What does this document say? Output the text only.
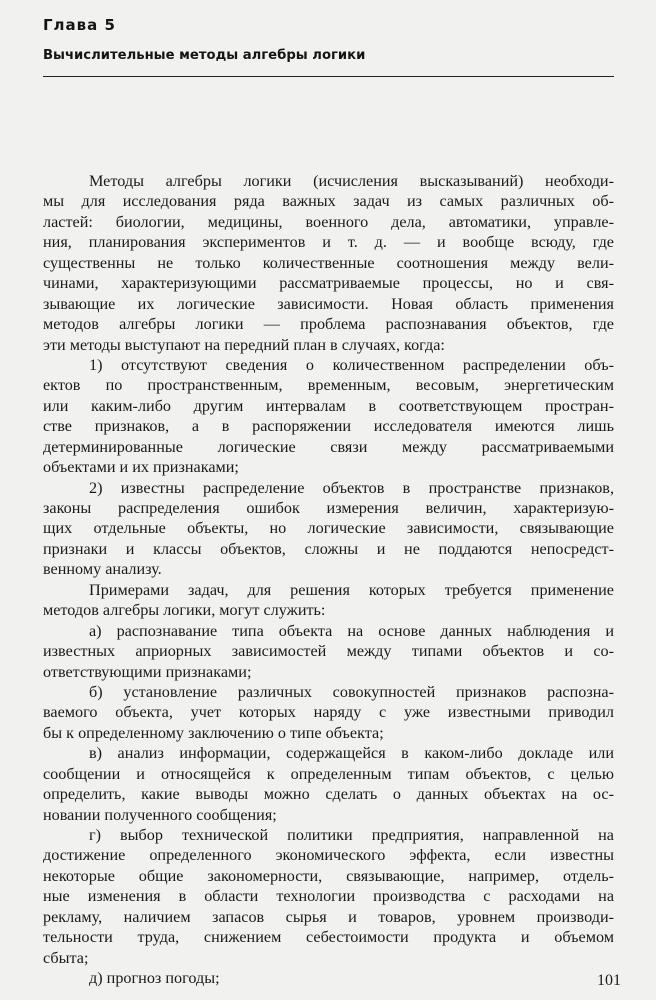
Глава 5
Вычислительные методы алгебры логики
Методы алгебры логики (исчисления высказываний) необходи-
мы для исследования ряда важных задач из самых различных об-
ластей: биологии, медицины, военного дела, автоматики, управле-
ния, планирования экспериментов и т. д. — и вообще всюду, где
существенны не только количественные соотношения между вели-
чинами, характеризующими рассматриваемые процессы, но и свя-
зывающие их логические зависимости. Новая область применения
методов алгебры логики — проблема распознавания объектов, где
эти методы выступают на передний план в случаях, когда:
1) отсутствуют сведения о количественном распределении объ-
ектов по пространственным, временным, весовым, энергетическим
или каким-либо другим интервалам в соответствующем простран-
стве признаков, а в распоряжении исследователя имеются лишь
детерминированные логические связи между рассматриваемыми
объектами и их признаками;
2) известны распределение объектов в пространстве признаков,
законы распределения ошибок измерения величин, характеризую-
щих отдельные объекты, но логические зависимости, связывающие
признаки и классы объектов, сложны и не поддаются непосредст-
венному анализу.
Примерами задач, для решения которых требуется применение
методов алгебры логики, могут служить:
а) распознавание типа объекта на основе данных наблюдения и
известных априорных зависимостей между типами объектов и со-
ответствующими признаками;
б) установление различных совокупностей признаков распозна-
ваемого объекта, учет которых наряду с уже известными приводил
бы к определенному заключению о типе объекта;
в) анализ информации, содержащейся в каком-либо докладе или
сообщении и относящейся к определенным типам объектов, с целью
определить, какие выводы можно сделать о данных объектах на ос-
новании полученного сообщения;
г) выбор технической политики предприятия, направленной на
достижение определенного экономического эффекта, если известны
некоторые общие закономерности, связывающие, например, отдель-
ные изменения в области технологии производства с расходами на
рекламу, наличием запасов сырья и товаров, уровнем производи-
тельности труда, снижением себестоимости продукта и объемом
сбыта;
д) прогноз погоды;	101
